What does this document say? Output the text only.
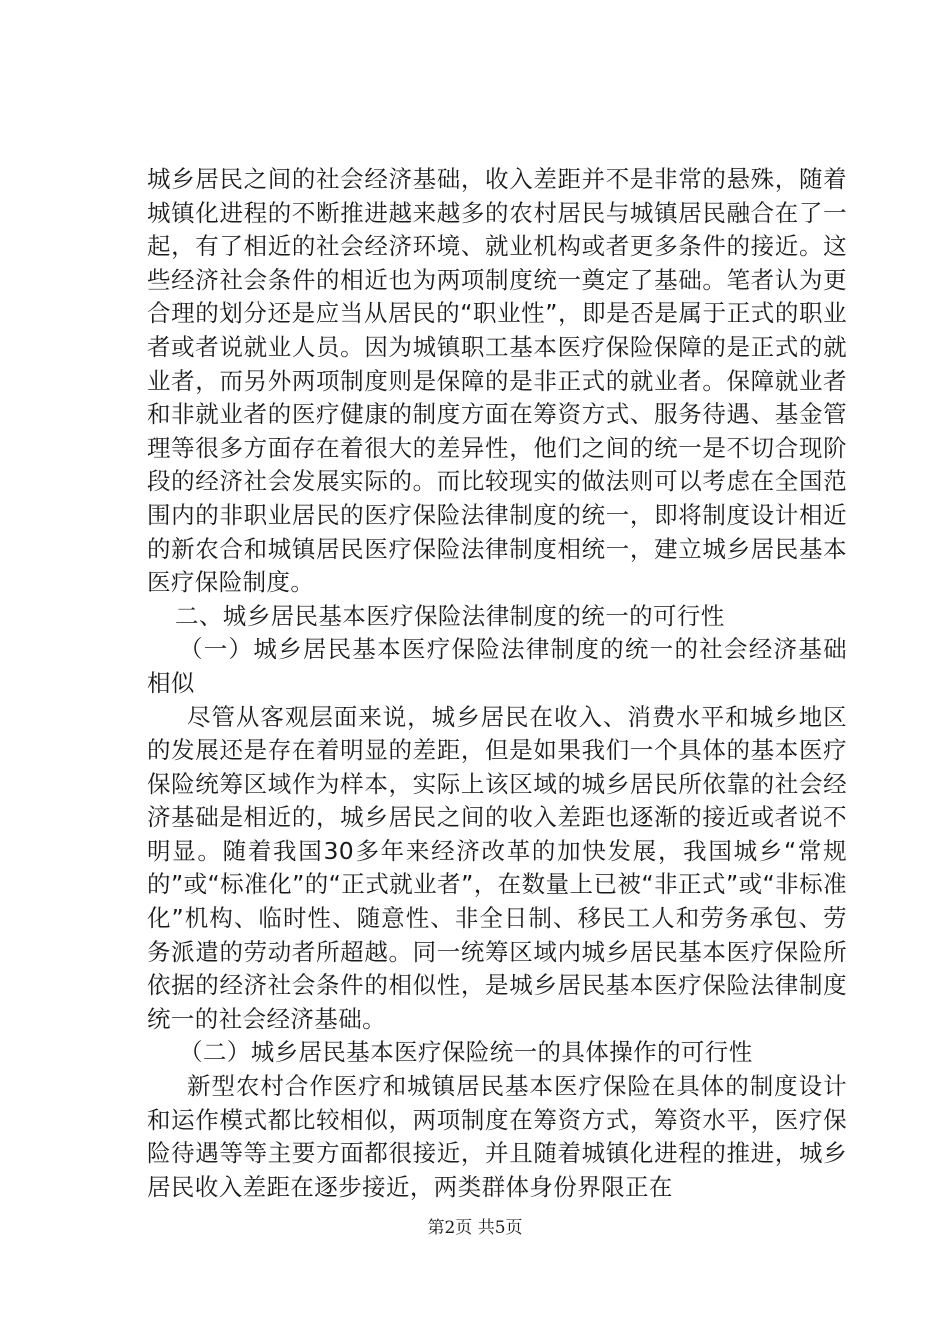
城乡居民之间的社会经济基础，收入差距并不是非常的悬殊，随着城镇化进程的不断推进越来越多的农村居民与城镇居民融合在了一起，有了相近的社会经济环境、就业机构或者更多条件的接近。这些经济社会条件的相近也为两项制度统一奠定了基础。笔者认为更合理的划分还是应当从居民的“职业性”，即是否是属于正式的职业者或者说就业人员。因为城镇职工基本医疗保险保障的是正式的就业者，而另外两项制度则是保障的是非正式的就业者。保障就业者和非就业者的医疗健康的制度方面在筹资方式、服务待遇、基金管理等很多方面存在着很大的差异性，他们之间的统一是不切合现阶段的经济社会发展实际的。而比较现实的做法则可以考虑在全国范围内的非职业居民的医疗保险法律制度的统一，即将制度设计相近的新农合和城镇居民医疗保险法律制度相统一，建立城乡居民基本医疗保险制度。

二、城乡居民基本医疗保险法律制度的统一的可行性

（一）城乡居民基本医疗保险法律制度的统一的社会经济基础相似

尽管从客观层面来说，城乡居民在收入、消费水平和城乡地区的发展还是存在着明显的差距，但是如果我们一个具体的基本医疗保险统筹区域作为样本，实际上该区域的城乡居民所依靠的社会经济基础是相近的，城乡居民之间的收入差距也逐渐的接近或者说不明显。随着我国30多年来经济改革的加快发展，我国城乡“常规的”或“标准化”的“正式就业者”，在数量上已被“非正式”或“非标准化”机构、临时性、随意性、非全日制、移民工人和劳务承包、劳务派遣的劳动者所超越。同一统筹区域内城乡居民基本医疗保险所依据的经济社会条件的相似性，是城乡居民基本医疗保险法律制度统一的社会经济基础。

（二）城乡居民基本医疗保险统一的具体操作的可行性

新型农村合作医疗和城镇居民基本医疗保险在具体的制度设计和运作模式都比较相似，两项制度在筹资方式，筹资水平，医疗保险待遇等等主要方面都很接近，并且随着城镇化进程的推进，城乡居民收入差距在逐步接近，两类群体身份界限正在

第2页 共5页
